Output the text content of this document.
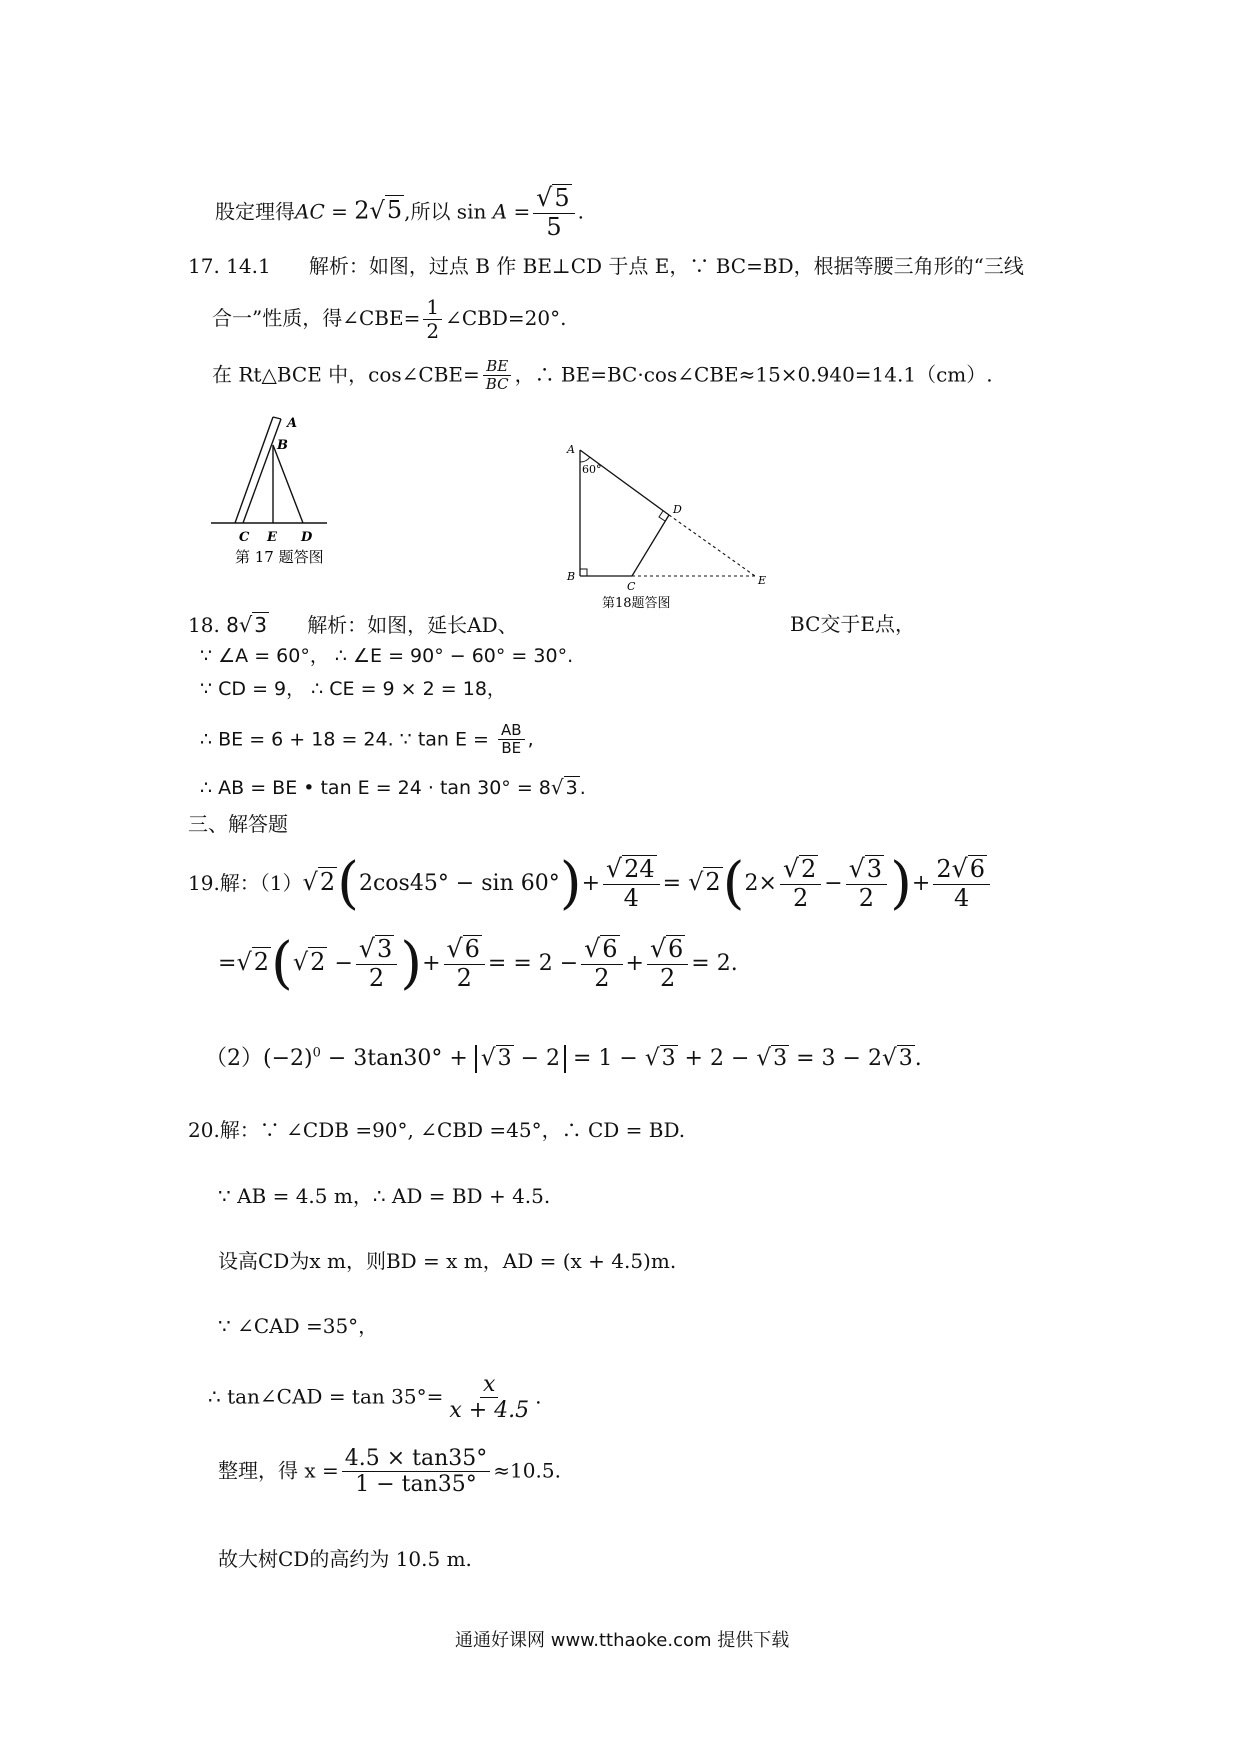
股定理得AC = 2√5 ,所以 $\sin A = \frac{√5}{5}$ .
17. 14.1 解析：如图，过点 B 作 BE⊥CD 于点 E，∵ BC=BD，根据等腰三角形的“三线
合一”性质，得∠CBE= $\frac{1}{2}$ ∠CBD=20°.
在 Rt△BCE 中，cos∠CBE= $\frac{BE}{BC}$ ，∴ BE=BC·cos∠CBE≈15×0.940=14.1（cm）.
A
B
C E D
第 17 题答图
A
60°
D
B
C	E
第18题答图
18. 8√ 3 解析：如图，延长AD、	BC交于E点，
∵ ∠A = 60°， ∴ ∠E = 90° − 60° = 30°.
∵ CD = 9， ∴ CE = 9 × 2 = 18，
∴ BE = 6 + 18 = 24. ∵ $\tan E = \frac{AB}{BE}$ ,
∴ AB = BE • tan E = 24 · tan 30° = 8√ 3 .
三、解答题
19.解：$(1)√2(2\cos 45^\circ - \sin 60^\circ)+ \frac{√24}{4} = √2(2\times \frac{√2}{2} - \frac{√3}{2}$ )+ $\frac{2√6}{4}$
$=√2(√2 - \frac{√3}{2}$ )+ $\frac{√6}{2}$ = = $2 - \frac{√6}{2} + \frac{√6}{2} = 2$.
$(2)(-2)^0 - 3\tan 30^\circ + √3 - 2 = 1 - √3 + 2 - √3 = 3 - 2√3$.
20.解：∵ ∠CDB =90°, ∠CBD =45°，∴ CD = BD.
∵ AB = 4.5 m，∴ AD = BD + 4.5.
设高CD为x m，则BD = x m，AD = (x + 4.5)m.
∵ ∠CAD =35°，
∴ tan∠CAD = $\tan 35^\circ= \frac{x}{x + 4.5}$ .
整理，得 $x = \frac{4.5 \times \tan 35^\circ}{1 - \tan 35^\circ} \approx 10.5$.
故大树CD的高约为 10.5 m.
通通好课网 www.tthaoke.com 提供下载
